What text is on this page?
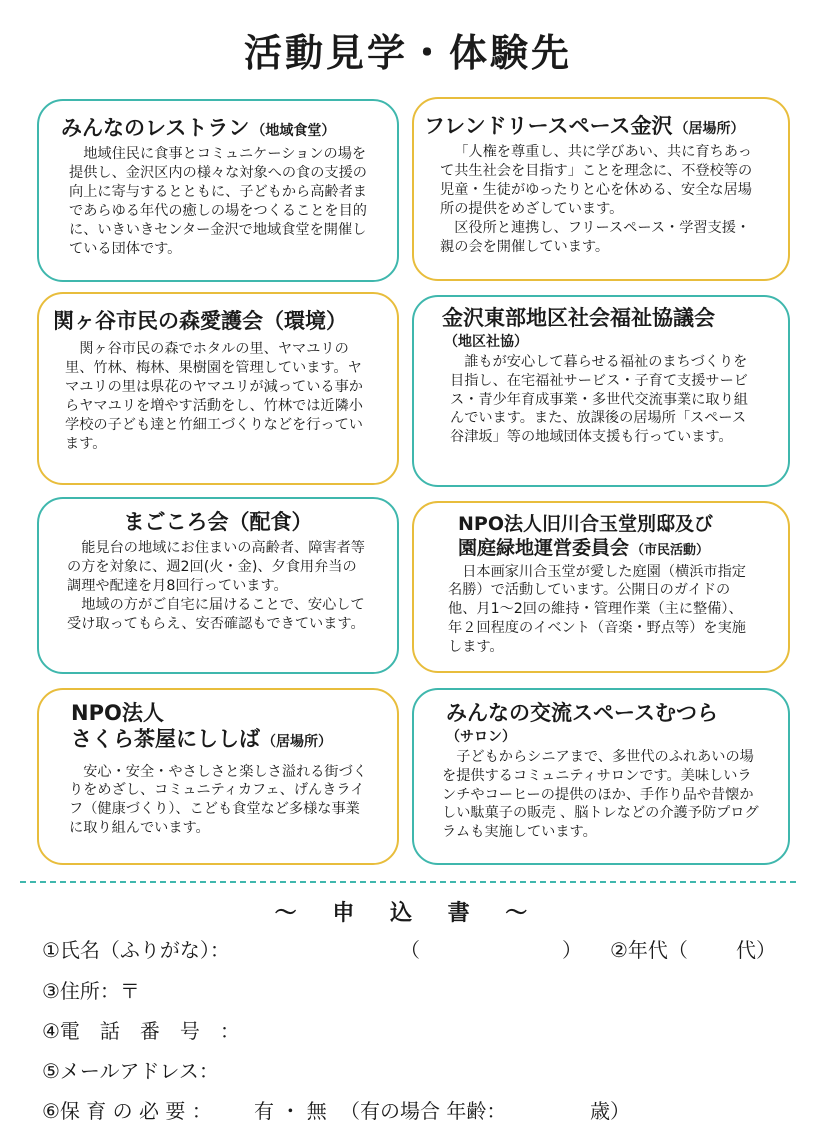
活動見学・体験先
みんなのレストラン （地域食堂）

地域住民に食事とコミュニケーションの場を提供し、金沢区内の様々な対象への食の支援の向上に寄与するとともに、子どもから高齢者まであらゆる年代の癒しの場をつくることを目的に、いきいきセンター金沢で地域食堂を開催している団体です。

フレンドリースペース金沢 （居場所）

「人権を尊重し、共に学びあい、共に育ちあって共生社会を目指す」ことを理念に、不登校等の児童・生徒がゆったりと心を休める、安全な居場所の提供をめざしています。

区役所と連携し、フリースペース・学習支援・親の会を開催しています。

関ヶ谷市民の森愛護会（環境）

関ヶ谷市民の森でホタルの里、ヤマユリの里、竹林、梅林、果樹園を管理しています。ヤマユリの里は県花のヤマユリが減っている事からヤマユリを増やす活動をし、竹林では近隣小学校の子ども達と竹細工づくりなどを行っています。

金沢東部地区社会福祉協議会
（地区社協）

誰もが安心して暮らせる福祉のまちづくりを目指し、在宅福祉サービス・子育て支援サービス・青少年育成事業・多世代交流事業に取り組んでいます。また、放課後の居場所「スペース谷津坂」等の地域団体支援も行っています。

まごころ会（配食）

能見台の地域にお住まいの高齢者、障害者等の方を対象に、週2回(火・金)、夕食用弁当の調理や配達を月8回行っています。

地域の方がご自宅に届けることで、安心して受け取ってもらえ、安否確認もできています。

NPO法人旧川合玉堂別邸及び
園庭緑地運営委員会 （市民活動）

日本画家川合玉堂が愛した庭園（横浜市指定名勝）で活動しています。公開日のガイドの他、月1～2回の維持・管理作業（主に整備）、年２回程度のイベント（音楽・野点等）を実施します。

NPO法人
さくら茶屋にししば （居場所）

安心・安全・やさしさと楽しさ溢れる街づくりをめざし、コミュニティカフェ、げんきライフ（健康づくり）、こども食堂など多様な事業に取り組んでいます。

みんなの交流スペースむつら
（サロン）

子どもからシニアまで、多世代のふれあいの場を提供するコミュニティサロンです。美味しいランチやコーヒーの提供のほか、手作り品や昔懐かしい駄菓子の販売 、脳トレなどの介護予防プログラムも実施しています。

～ 申 込 書 ～
①氏名（ふりがな）：	（	） ②年代（ 代）
③住所：〒
④電　話　番　号　：
⑤メールアドレス：
⑥保 育 の 必 要 ： 有 ・ 無 （有の場合 年齢：	歳）
